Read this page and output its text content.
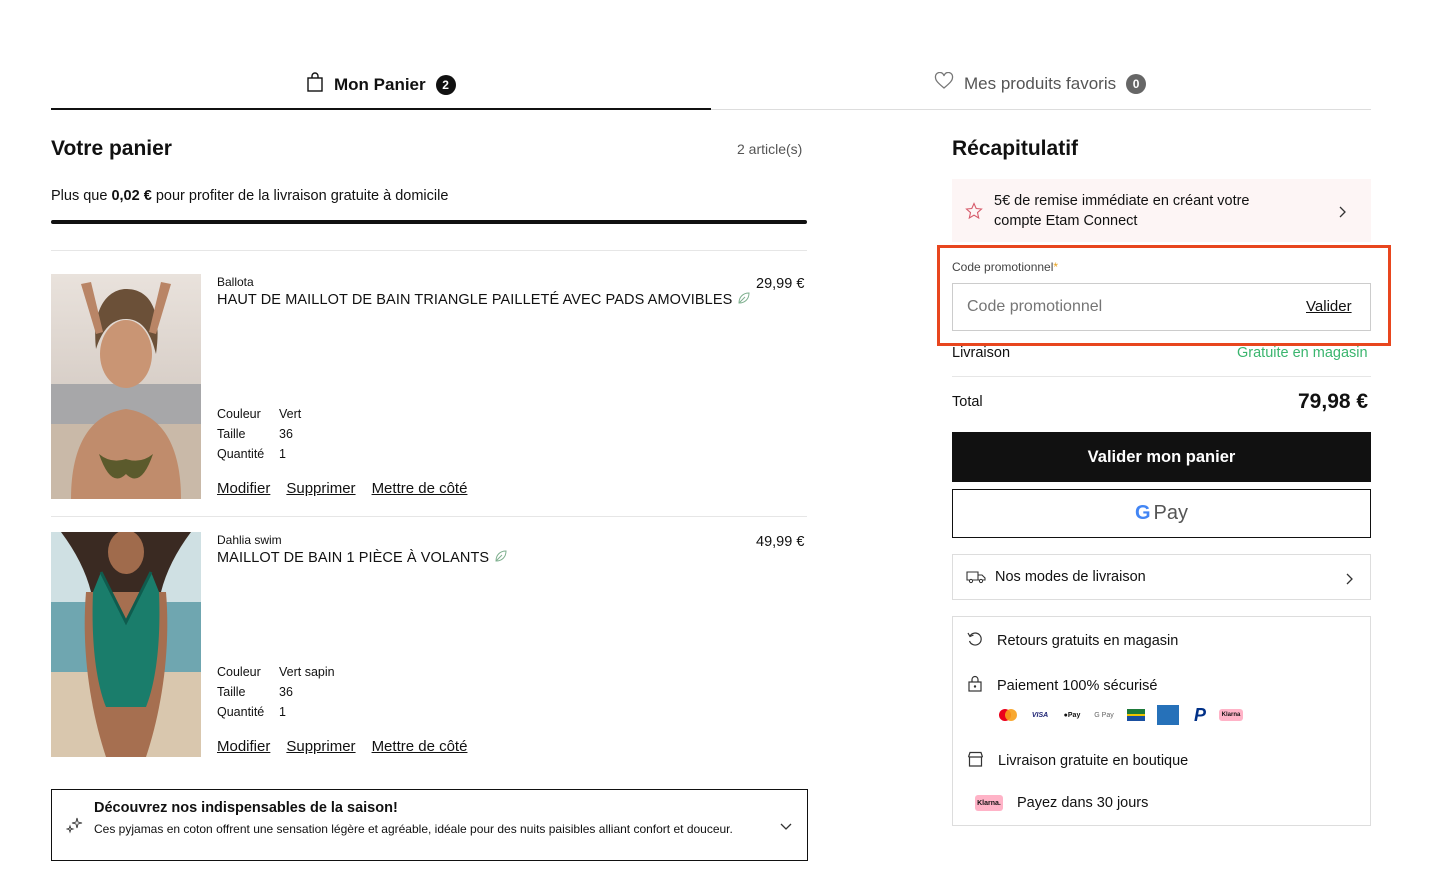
Mon Panier	2	Mes produits favoris	0
Votre panier	2 article(s)
Plus que 0,02 € pour profiter de la livraison gratuite à domicile
Ballota
HAUT DE MAILLOT DE BAIN TRIANGLE PAILLETÉ AVEC PADS AMOVIBLES
29,99 €
Couleur Vert
Taille	36
Quantité 1
Modifier Supprimer Mettre de côté
Dahlia swim
MAILLOT DE BAIN 1 PIÈCE À VOLANTS
49,99 €
Couleur Vert sapin
Taille	36
Quantité 1
Modifier Supprimer Mettre de côté
Découvrez nos indispensables de la saison!
Ces pyjamas en coton offrent une sensation légère et agréable, idéale pour des nuits paisibles alliant confort et douceur.
Récapitulatif
5€ de remise immédiate en créant votre compte Etam Connect
Code promotionnel*
Code promotionnel
Valider
Livraison	Gratuite en magasin
Total	79,98 €
Valider mon panier
G Pay
Nos modes de livraison
Retours gratuits en magasin
Paiement 100% sécurisé
VISA	●Pay	G Pay	P	Klarna
Livraison gratuite en boutique
Klarna. Payez dans 30 jours
